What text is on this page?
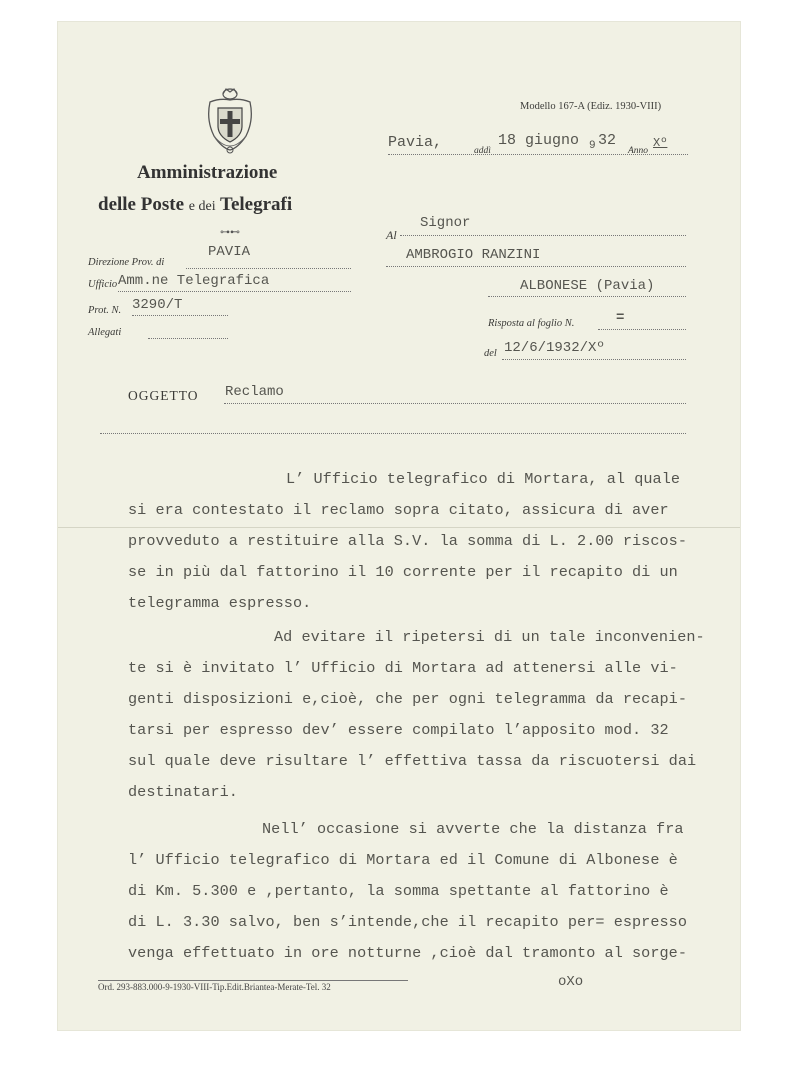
Modello 167-A (Ediz. 1930-VIII)
Amministrazione
delle Poste e dei Telegrafi
⊶⊷
Pavia,	addì
18 giugno 9 32
Anno
Xº
Direzione Prov. di
PAVIA
Ufficio Amm.ne Telegrafica
Prot. N. 3290/T
Allegati
Al
Signor
AMBROGIO RANZINI
ALBONESE (Pavia)
Risposta al foglio N.	=
del 12/6/1932/Xº
OGGETTO Reclamo
L’ Ufficio telegrafico di Mortara, al quale
si era contestato il reclamo sopra citato, assicura di aver
provveduto a restituire alla S.V. la somma di L. 2.00 riscos-
se in più dal fattorino il 10 corrente per il recapito di un
telegramma espresso.
Ad evitare il ripetersi di un tale inconvenien-
te si è invitato l’ Ufficio di Mortara ad attenersi alle vi-
genti disposizioni e,cioè, che per ogni telegramma da recapi-
tarsi per espresso dev’ essere compilato l’apposito mod. 32
sul quale deve risultare l’ effettiva tassa da riscuotersi dai
destinatari.
Nell’ occasione si avverte che la distanza fra
l’ Ufficio telegrafico di Mortara ed il Comune di Albonese è
di Km. 5.300 e ,pertanto, la somma spettante al fattorino è
di L. 3.30 salvo, ben s’intende,che il recapito per= espresso
venga effettuato in ore notturne ,cioè dal tramonto al sorge-
Ord. 293-883.000-9-1930-VIII-Tip.Edit.Briantea-Merate-Tel. 32	oXo
